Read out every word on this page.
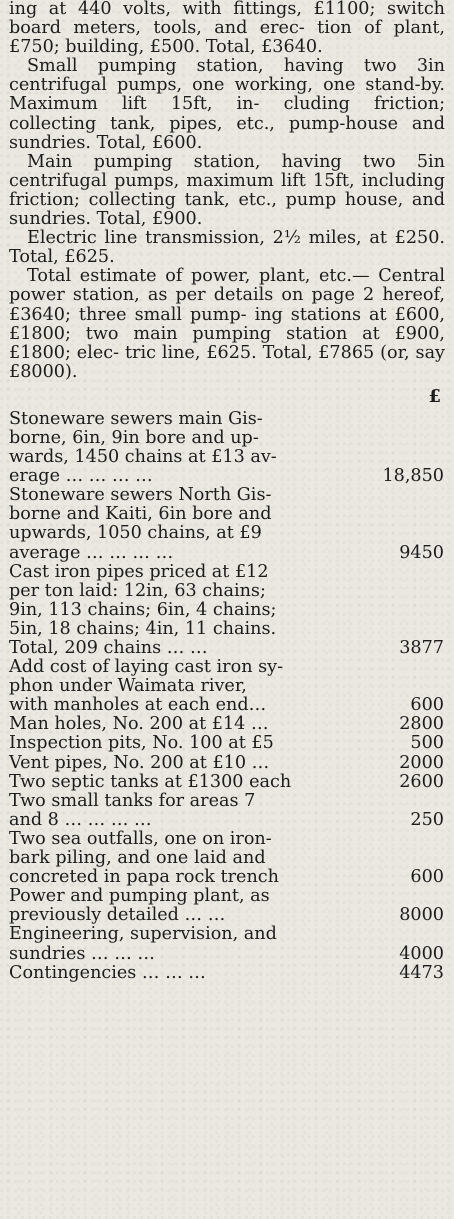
ing at 440 volts, with fittings, £1100; switch board meters, tools, and erec- tion of plant, £750; building, £500. Total, £3640.

Small pumping station, having two 3in centrifugal pumps, one working, one stand-by. Maximum lift 15ft, in- cluding friction; collecting tank, pipes, etc., pump-house and sundries. Total, £600.

Main pumping station, having two 5in centrifugal pumps, maximum lift 15ft, including friction; collecting tank, etc., pump house, and sundries. Total, £900.

Electric line transmission, 2½ miles, at £250. Total, £625.

Total estimate of power, plant, etc.— Central power station, as per details on page 2 hereof, £3640; three small pump- ing stations at £600, £1800; two main pumping station at £900, £1800; elec- tric line, £625. Total, £7865 (or, say £8000).

£
Stoneware sewers main Gis-
borne, 6in, 9in bore and up-
wards, 1450 chains at £13 av-
erage … … … …	18,850
Stoneware sewers North Gis-
borne and Kaiti, 6in bore and
upwards, 1050 chains, at £9
average … … … …	9450
Cast iron pipes priced at £12
per ton laid: 12in, 63 chains;
9in, 113 chains; 6in, 4 chains;
5in, 18 chains; 4in, 11 chains.
Total, 209 chains … …	3877
Add cost of laying cast iron sy-
phon under Waimata river,
with manholes at each end…	600
Man holes, No. 200 at £14 …	2800
Inspection pits, No. 100 at £5	500
Vent pipes, No. 200 at £10 …	2000
Two septic tanks at £1300 each	2600
Two small tanks for areas 7
and 8 … … … …	250
Two sea outfalls, one on iron-
bark piling, and one laid and
concreted in papa rock trench	600
Power and pumping plant, as
previously detailed … …	8000
Engineering, supervision, and
sundries … … …	4000
Contingencies … … …	4473
